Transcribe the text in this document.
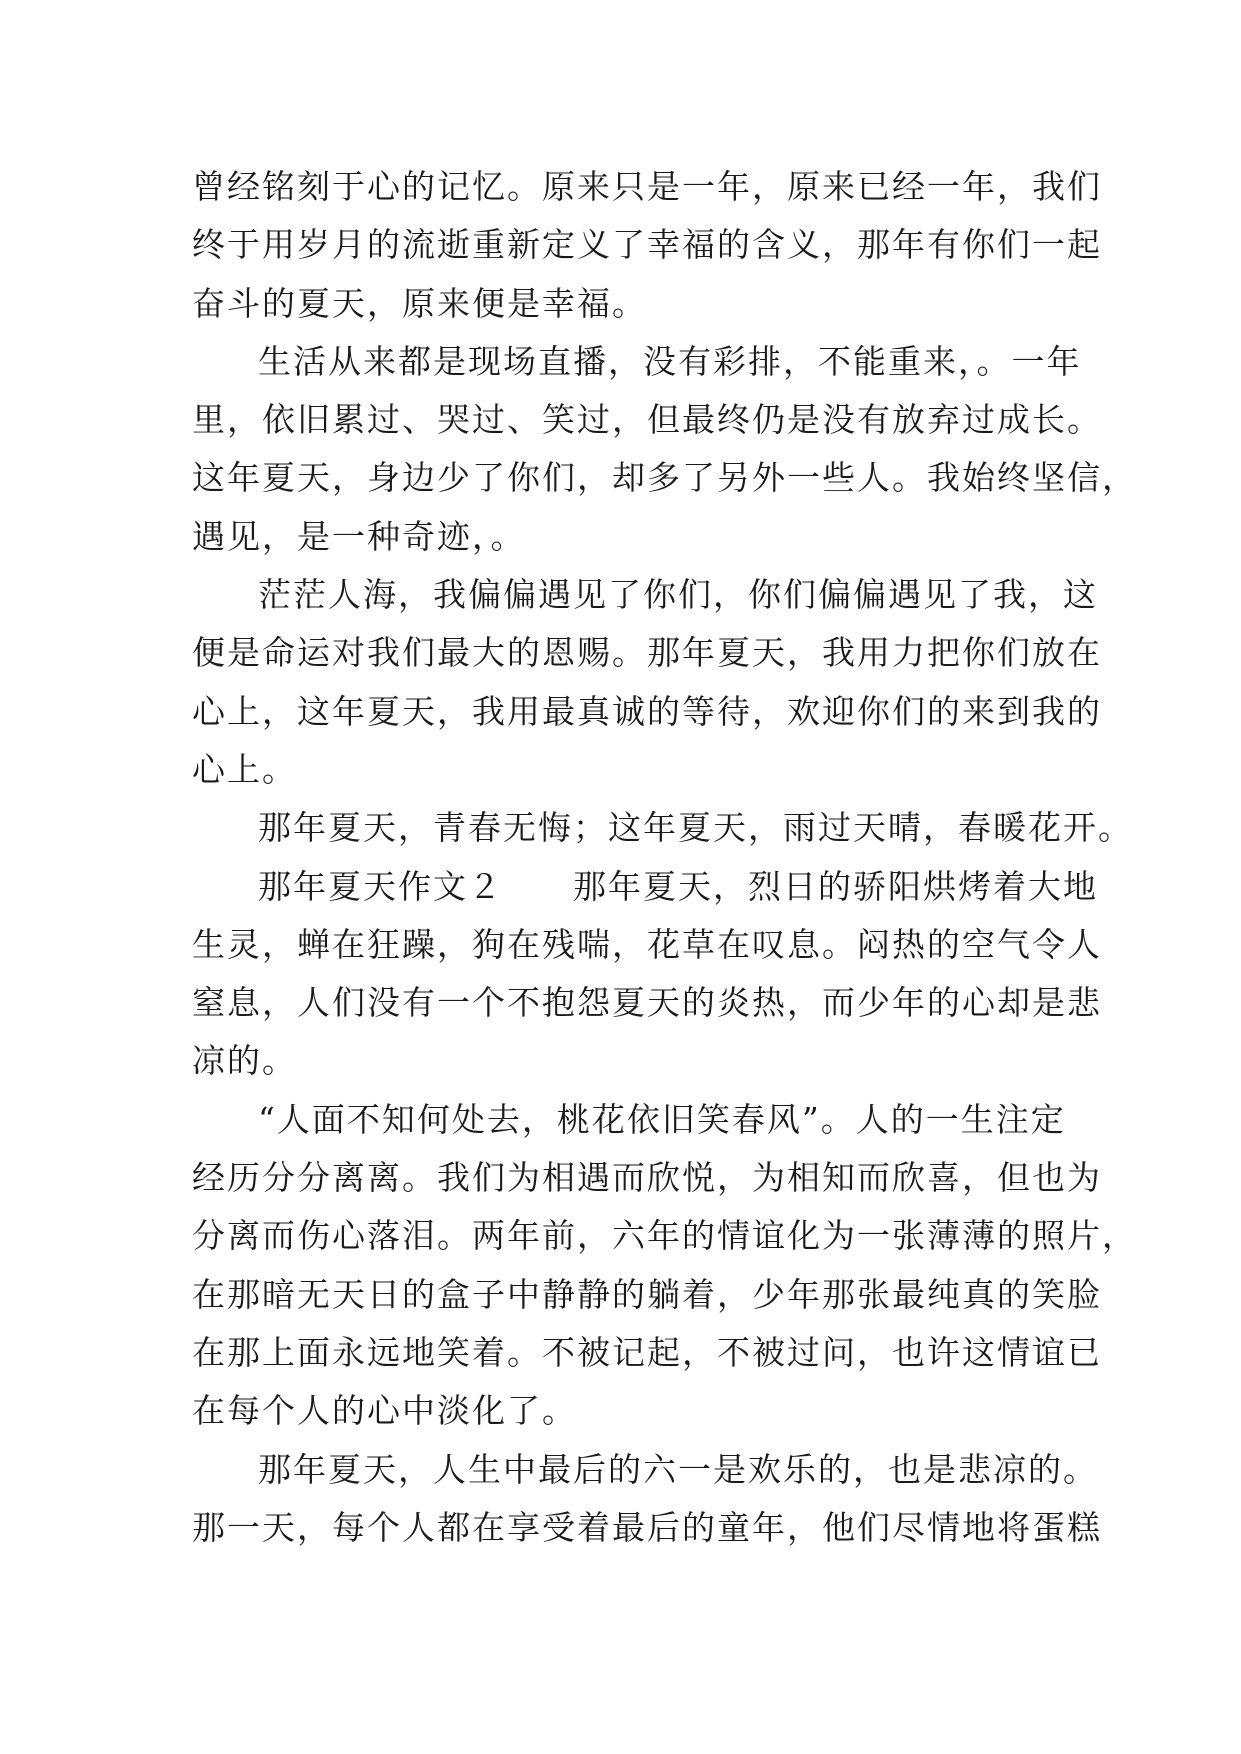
曾经铭刻于心的记忆。原来只是一年，原来已经一年，我们
终于用岁月的流逝重新定义了幸福的含义，那年有你们一起
奋斗的夏天，原来便是幸福。
生活从来都是现场直播，没有彩排，不能重来，。一年
里，依旧累过、哭过、笑过，但最终仍是没有放弃过成长。
这年夏天，身边少了你们，却多了另外一些人。我始终坚信，
遇见，是一种奇迹，。
茫茫人海，我偏偏遇见了你们，你们偏偏遇见了我，这
便是命运对我们最大的恩赐。那年夏天，我用力把你们放在
心上，这年夏天，我用最真诚的等待，欢迎你们的来到我的
心上。
那年夏天，青春无悔；这年夏天，雨过天晴，春暖花开。
那年夏天作文２　　那年夏天，烈日的骄阳烘烤着大地
生灵，蝉在狂躁，狗在残喘，花草在叹息。闷热的空气令人
窒息，人们没有一个不抱怨夏天的炎热，而少年的心却是悲
凉的。
“人面不知何处去，桃花依旧笑春风”。人的一生注定
经历分分离离。我们为相遇而欣悦，为相知而欣喜，但也为
分离而伤心落泪。两年前，六年的情谊化为一张薄薄的照片，
在那暗无天日的盒子中静静的躺着，少年那张最纯真的笑脸
在那上面永远地笑着。不被记起，不被过问，也许这情谊已
在每个人的心中淡化了。
那年夏天，人生中最后的六一是欢乐的，也是悲凉的。
那一天，每个人都在享受着最后的童年，他们尽情地将蛋糕
